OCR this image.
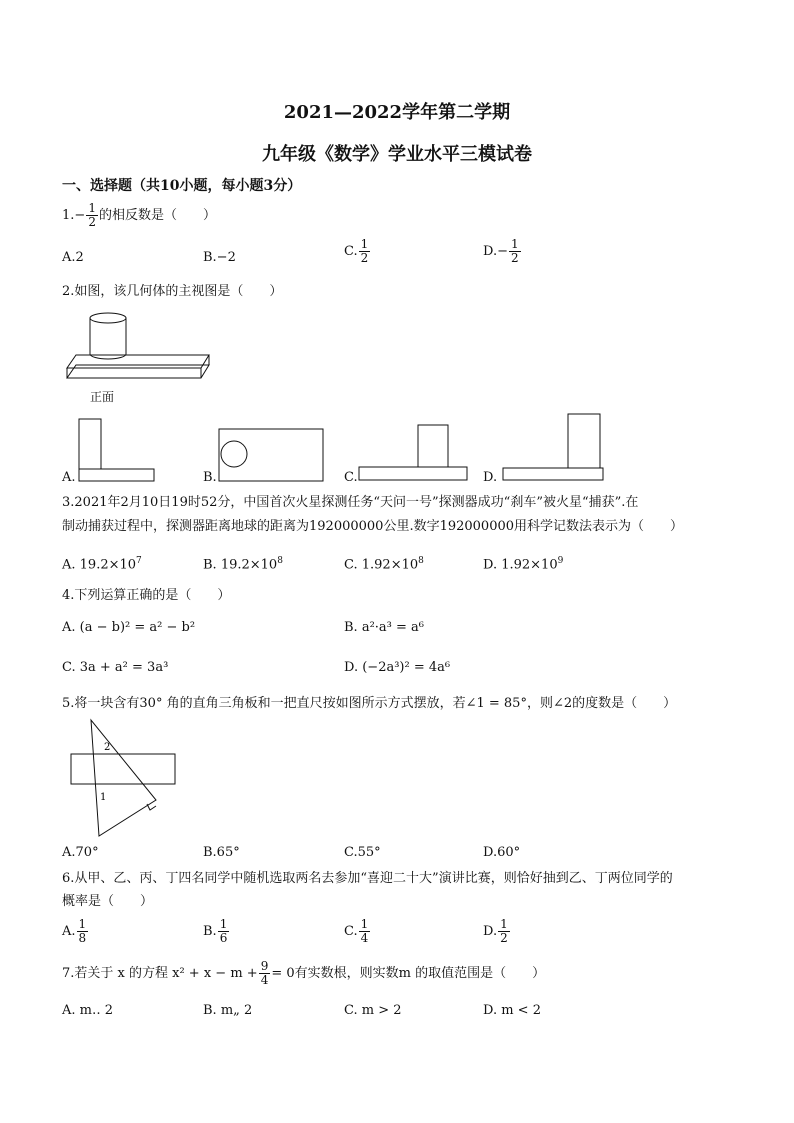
2021—2022学年第二学期
九年级《数学》学业水平三模试卷
一、选择题（共10小题，每小题3分）
$1.- \frac{1}{2}$ 的相反数是（　　）
A.2	B.−2	C. $\frac{1}{2}$	$D.- \frac{1}{2}$
2.如图，该几何体的主视图是（　　）
正面
A.	B.	C.	D.
3.2021年2月10日19时52分，中国首次火星探测任务“天问一号”探测器成功“刹车”被火星“捕获”.在
制动捕获过程中，探测器距离地球的距离为192000000公里.数字192000000用科学记数法表示为（　　）
A. $19.2\times 10^7$	B. $19.2\times 10^8$	C. $1.92\times 10^8$	D. $1.92\times 10^9$
4.下列运算正确的是（　　）
A. (a − b)² = a² − b²	B. a²·a³ = a⁶
C. 3a + a² = 3a³	D. (−2a³)² = 4a⁶
5.将一块含有30° 角的直角三角板和一把直尺按如图所示方式摆放，若∠1 = 85°，则∠2的度数是（　　）
2
1
A.70°	B.65°	C.55°	D.60°
6.从甲、乙、丙、丁四名同学中随机选取两名去参加“喜迎二十大”演讲比赛，则恰好抽到乙、丁两位同学的
概率是（　　）
A. $\frac{1}{8}$	B. $\frac{1}{6}$	C. $\frac{1}{4}$	D. $\frac{1}{2}$
7.若关于 x 的方程 $x^2 + x - m + \frac{9}{4} = 0$有实数根，则实数m 的取值范围是（　　）
A. m‥ 2	B. m„ 2	C. m > 2	D. m < 2
